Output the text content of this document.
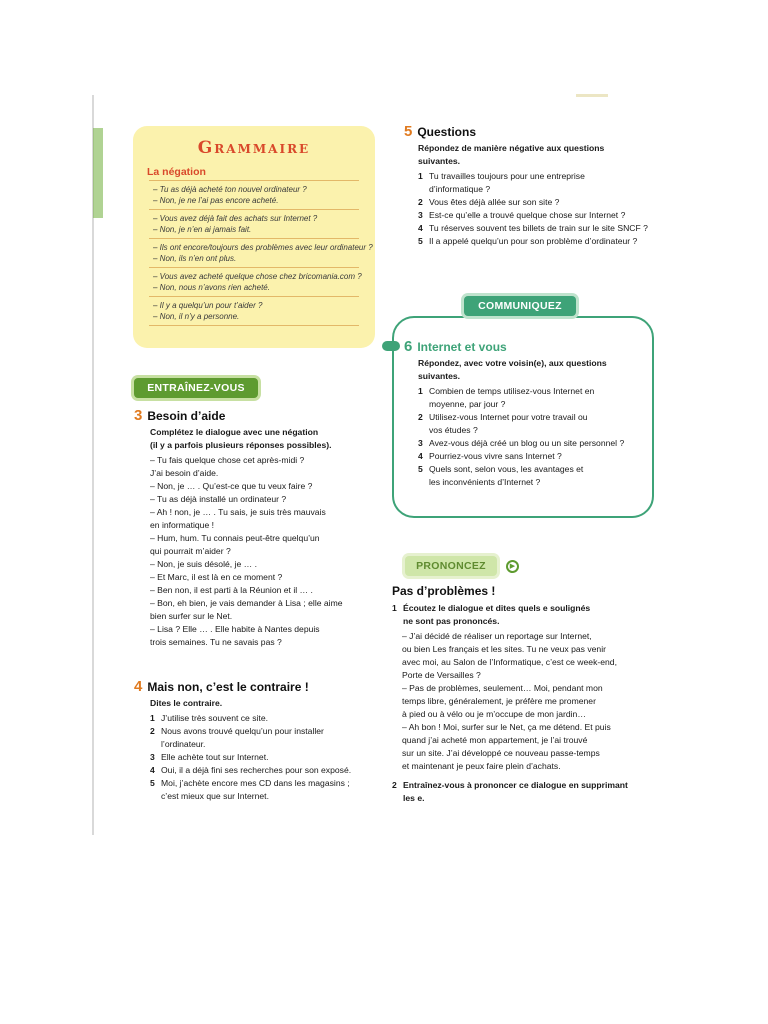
Grammaire
La négation
– Tu as déjà acheté ton nouvel ordinateur ?
– Non, je ne l’ai pas encore acheté.
– Vous avez déjà fait des achats sur Internet ?
– Non, je n’en ai jamais fait.
– Ils ont encore/toujours des problèmes avec leur ordinateur ?
– Non, ils n’en ont plus.
– Vous avez acheté quelque chose chez bricomania.com ?
– Non, nous n’avons rien acheté.
– Il y a quelqu’un pour t’aider ?
– Non, il n’y a personne.
ENTRAÎNEZ-VOUS
3 Besoin d’aide
Complétez le dialogue avec une négation
(il y a parfois plusieurs réponses possibles).
– Tu fais quelque chose cet après-midi ?
J’ai besoin d’aide.
– Non, je … . Qu’est-ce que tu veux faire ?
– Tu as déjà installé un ordinateur ?
– Ah ! non, je … . Tu sais, je suis très mauvais
en informatique !
– Hum, hum. Tu connais peut-être quelqu’un
qui pourrait m’aider ?
– Non, je suis désolé, je … .
– Et Marc, il est là en ce moment ?
– Ben non, il est parti à la Réunion et il … .
– Bon, eh bien, je vais demander à Lisa ; elle aime
bien surfer sur le Net.
– Lisa ? Elle … . Elle habite à Nantes depuis
trois semaines. Tu ne savais pas ?
4 Mais non, c’est le contraire !
Dites le contraire.
1 J’utilise très souvent ce site.
2 Nous avons trouvé quelqu’un pour installer
l’ordinateur.
3 Elle achète tout sur Internet.
4 Oui, il a déjà fini ses recherches pour son exposé.
5 Moi, j’achète encore mes CD dans les magasins ;
c’est mieux que sur Internet.
5 Questions
Répondez de manière négative aux questions
suivantes.
1 Tu travailles toujours pour une entreprise
d’informatique ?
2 Vous êtes déjà allée sur son site ?
3 Est-ce qu’elle a trouvé quelque chose sur Internet ?
4 Tu réserves souvent tes billets de train sur le site SNCF ?
5 Il a appelé quelqu’un pour son problème d’ordinateur ?
COMMUNIQUEZ
6 Internet et vous
Répondez, avec votre voisin(e), aux questions
suivantes.
1 Combien de temps utilisez-vous Internet en
moyenne, par jour ?
2 Utilisez-vous Internet pour votre travail ou
vos études ?
3 Avez-vous déjà créé un blog ou un site personnel ?
4 Pourriez-vous vivre sans Internet ?
5 Quels sont, selon vous, les avantages et
les inconvénients d’Internet ?
PRONONCEZ	▶
Pas d’problèmes !
1 Écoutez le dialogue et dites quels e soulignés
ne sont pas prononcés.
– J’ai décidé de réaliser un reportage sur Internet,
ou bien Les français et les sites. Tu ne veux pas venir
avec moi, au Salon de l’Informatique, c’est ce week-end,
Porte de Versailles ?
– Pas de problèmes, seulement… Moi, pendant mon
temps libre, généralement, je préfère me promener
à pied ou à vélo ou je m’occupe de mon jardin…
– Ah bon ! Moi, surfer sur le Net, ça me détend. Et puis
quand j’ai acheté mon appartement, je l’ai trouvé
sur un site. J’ai développé ce nouveau passe-temps
et maintenant je peux faire plein d’achats.
2 Entraînez-vous à prononcer ce dialogue en supprimant
les e.
